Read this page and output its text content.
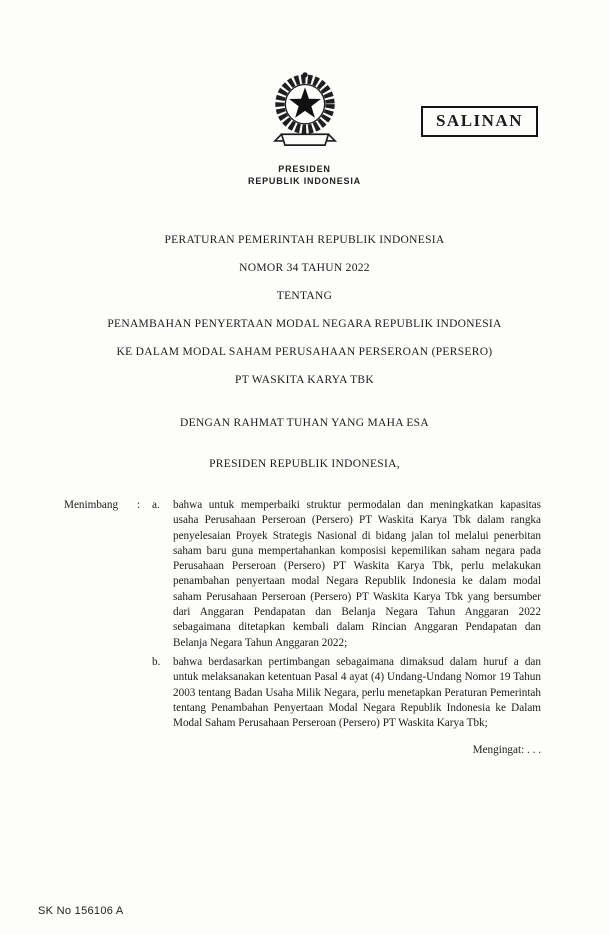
SALINAN
PRESIDEN
REPUBLIK INDONESIA
PERATURAN PEMERINTAH REPUBLIK INDONESIA
NOMOR 34 TAHUN 2022
TENTANG
PENAMBAHAN PENYERTAAN MODAL NEGARA REPUBLIK INDONESIA
KE DALAM MODAL SAHAM PERUSAHAAN PERSEROAN (PERSERO)
PT WASKITA KARYA TBK
DENGAN RAHMAT TUHAN YANG MAHA ESA
PRESIDEN REPUBLIK INDONESIA,
Menimbang	:	a.	bahwa untuk memperbaiki struktur permodalan dan meningkatkan kapasitas usaha Perusahaan Perseroan (Persero) PT Waskita Karya Tbk dalam rangka penyelesaian Proyek Strategis Nasional di bidang jalan tol melalui penerbitan saham baru guna mempertahankan komposisi kepemilikan saham negara pada Perusahaan Perseroan (Persero) PT Waskita Karya Tbk, perlu melakukan penambahan penyertaan modal Negara Republik Indonesia ke dalam modal saham Perusahaan Perseroan (Persero) PT Waskita Karya Tbk yang bersumber dari Anggaran Pendapatan dan Belanja Negara Tahun Anggaran 2022 sebagaimana ditetapkan kembali dalam Rincian Anggaran Pendapatan dan Belanja Negara Tahun Anggaran 2022;
b.	bahwa berdasarkan pertimbangan sebagaimana dimaksud dalam huruf a dan untuk melaksanakan ketentuan Pasal 4 ayat (4) Undang-Undang Nomor 19 Tahun 2003 tentang Badan Usaha Milik Negara, perlu menetapkan Peraturan Pemerintah tentang Penambahan Penyertaan Modal Negara Republik Indonesia ke Dalam Modal Saham Perusahaan Perseroan (Persero) PT Waskita Karya Tbk;
Mengingat: . . .
SK No 156106 A
